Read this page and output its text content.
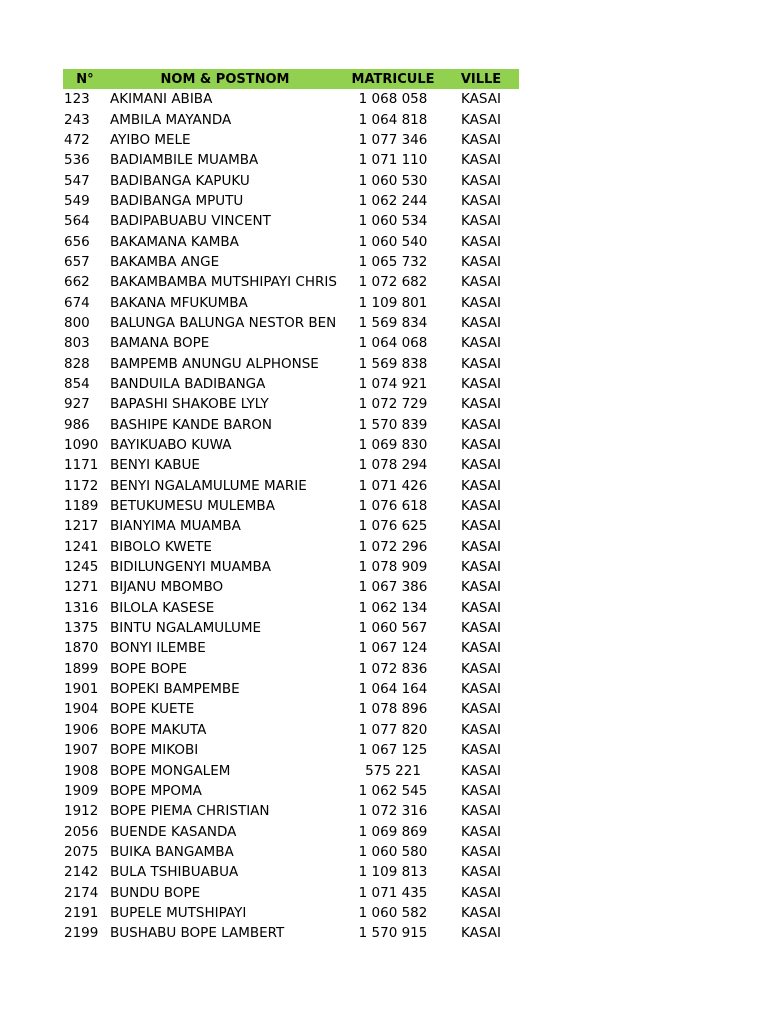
N°	NOM & POSTNOM	MATRICULE	VILLE
123	AKIMANI ABIBA	1 068 058	KASAI
243	AMBILA MAYANDA	1 064 818	KASAI
472	AYIBO MELE	1 077 346	KASAI
536	BADIAMBILE MUAMBA	1 071 110	KASAI
547	BADIBANGA KAPUKU	1 060 530	KASAI
549	BADIBANGA MPUTU	1 062 244	KASAI
564	BADIPABUABU VINCENT	1 060 534	KASAI
656	BAKAMANA KAMBA	1 060 540	KASAI
657	BAKAMBA ANGE	1 065 732	KASAI
662	BAKAMBAMBA MUTSHIPAYI CHRIS	1 072 682	KASAI
674	BAKANA MFUKUMBA	1 109 801	KASAI
800	BALUNGA BALUNGA NESTOR BEN	1 569 834	KASAI
803	BAMANA BOPE	1 064 068	KASAI
828	BAMPEMB ANUNGU ALPHONSE	1 569 838	KASAI
854	BANDUILA BADIBANGA	1 074 921	KASAI
927	BAPASHI SHAKOBE LYLY	1 072 729	KASAI
986	BASHIPE KANDE BARON	1 570 839	KASAI
1090 BAYIKUABO KUWA	1 069 830	KASAI
1171 BENYI KABUE	1 078 294	KASAI
1172 BENYI NGALAMULUME MARIE	1 071 426	KASAI
1189 BETUKUMESU MULEMBA	1 076 618	KASAI
1217 BIANYIMA MUAMBA	1 076 625	KASAI
1241 BIBOLO KWETE	1 072 296	KASAI
1245 BIDILUNGENYI MUAMBA	1 078 909	KASAI
1271 BIJANU MBOMBO	1 067 386	KASAI
1316 BILOLA KASESE	1 062 134	KASAI
1375 BINTU NGALAMULUME	1 060 567	KASAI
1870 BONYI ILEMBE	1 067 124	KASAI
1899 BOPE BOPE	1 072 836	KASAI
1901 BOPEKI BAMPEMBE	1 064 164	KASAI
1904 BOPE KUETE	1 078 896	KASAI
1906 BOPE MAKUTA	1 077 820	KASAI
1907 BOPE MIKOBI	1 067 125	KASAI
1908 BOPE MONGALEM	575 221	KASAI
1909 BOPE MPOMA	1 062 545	KASAI
1912 BOPE PIEMA CHRISTIAN	1 072 316	KASAI
2056 BUENDE KASANDA	1 069 869	KASAI
2075 BUIKA BANGAMBA	1 060 580	KASAI
2142 BULA TSHIBUABUA	1 109 813	KASAI
2174 BUNDU BOPE	1 071 435	KASAI
2191 BUPELE MUTSHIPAYI	1 060 582	KASAI
2199 BUSHABU BOPE LAMBERT	1 570 915	KASAI
